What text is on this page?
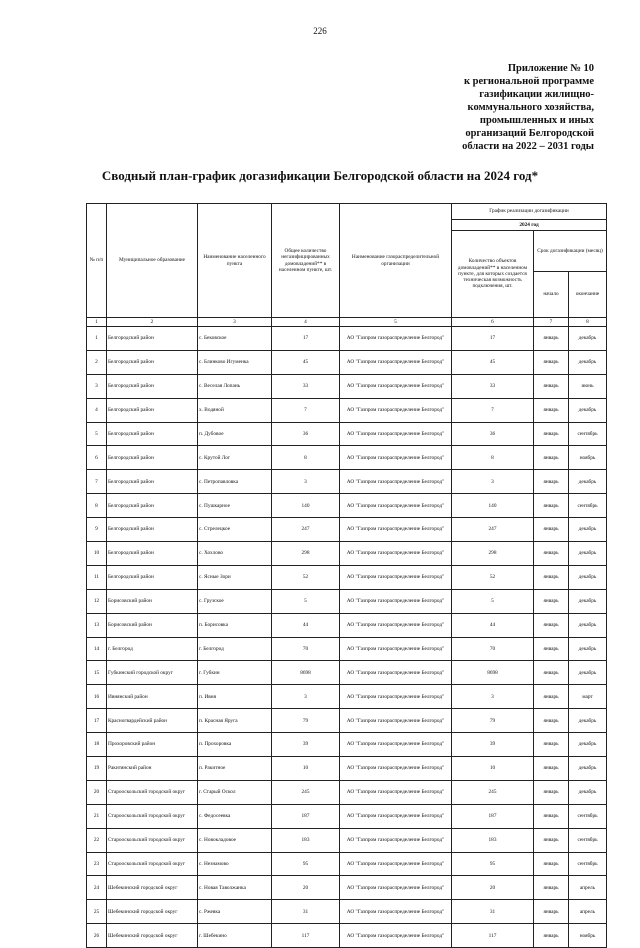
226
Приложение № 10
к региональной программе
газификации жилищно-
коммунального хозяйства,
промышленных и иных
организаций Белгородской
области на 2022 – 2031 годы
Сводный план-график догазификации Белгородской области на 2024 год*
№ п/п	Муниципальное образование	Наименование населенного пункта	Общее количество негазифицированных домовладений** в населенном пункте, шт.	Наименование газораспределительной организации	График реализации догазификации		
					2024 год		
					Количество объектов домовладений** в населенном пункте, для которых создается техническая возможность подключения, шт.	Срок догазификации (месяц)	
						начало	окончание
1	2	3	4	5	6	7	8
1	Белгородский район	с. Бековское	17	АО "Газпром газораспределение Белгород"	17	январь	декабрь
2	Белгородский район	с. Блинково Игуменка	45	АО "Газпром газораспределение Белгород"	45	январь	декабрь
3	Белгородский район	с. Веселая Лопань	33	АО "Газпром газораспределение Белгород"	33	январь	июнь
4	Белгородский район	х. Водяной	7	АО "Газпром газораспределение Белгород"	7	январь	декабрь
5	Белгородский район	п. Дубовое	36	АО "Газпром газораспределение Белгород"	36	январь	сентябрь
6	Белгородский район	с. Крутой Лог	8	АО "Газпром газораспределение Белгород"	8	январь	ноябрь
7	Белгородский район	с. Петропавловка	3	АО "Газпром газораспределение Белгород"	3	январь	декабрь
8	Белгородский район	с. Пушкарное	140	АО "Газпром газораспределение Белгород"	140	январь	сентябрь
9	Белгородский район	с. Стрелецкое	247	АО "Газпром газораспределение Белгород"	247	январь	декабрь
10	Белгородский район	с. Хохлово	298	АО "Газпром газораспределение Белгород"	298	январь	декабрь
11	Белгородский район	с. Ясные Зори	52	АО "Газпром газораспределение Белгород"	52	январь	декабрь
12	Борисовский район	с. Грузское	5	АО "Газпром газораспределение Белгород"	5	январь	декабрь
13	Борисовский район	п. Борисовка	44	АО "Газпром газораспределение Белгород"	44	январь	декабрь
14	г. Белгород	г. Белгород	70	АО "Газпром газораспределение Белгород"	70	январь	декабрь
15	Губкинский городской округ	г. Губкин	8698	АО "Газпром газораспределение Белгород"	8698	январь	декабрь
16	Ивнянский район	п. Ивня	3	АО "Газпром газораспределение Белгород"	3	январь	март
17	Красногвардейский район	п. Красная Яруга	79	АО "Газпром газораспределение Белгород"	79	январь	декабрь
18	Прохоровский район	п. Прохоровка	39	АО "Газпром газораспределение Белгород"	39	январь	декабрь
19	Ракитянский район	п. Ракитное	10	АО "Газпром газораспределение Белгород"	10	январь	декабрь
20	Старооскольский городской округ	г. Старый Оскол	245	АО "Газпром газораспределение Белгород"	245	январь	декабрь
21	Старооскольский городской округ	с. Федосеевка	187	АО "Газпром газораспределение Белгород"	187	январь	сентябрь
22	Старооскольский городской округ	с. Новокладовое	183	АО "Газпром газораспределение Белгород"	183	январь	сентябрь
23	Старооскольский городской округ	с. Незнамово	95	АО "Газпром газораспределение Белгород"	95	январь	сентябрь
24	Шебекинский городской округ	с. Новая Таволжанка	20	АО "Газпром газораспределение Белгород"	20	январь	апрель
25	Шебекинский городской округ	с. Ржевка	31	АО "Газпром газораспределение Белгород"	31	январь	апрель
26	Шебекинский городской округ	г. Шебекино	117	АО "Газпром газораспределение Белгород"	117	январь	ноябрь
